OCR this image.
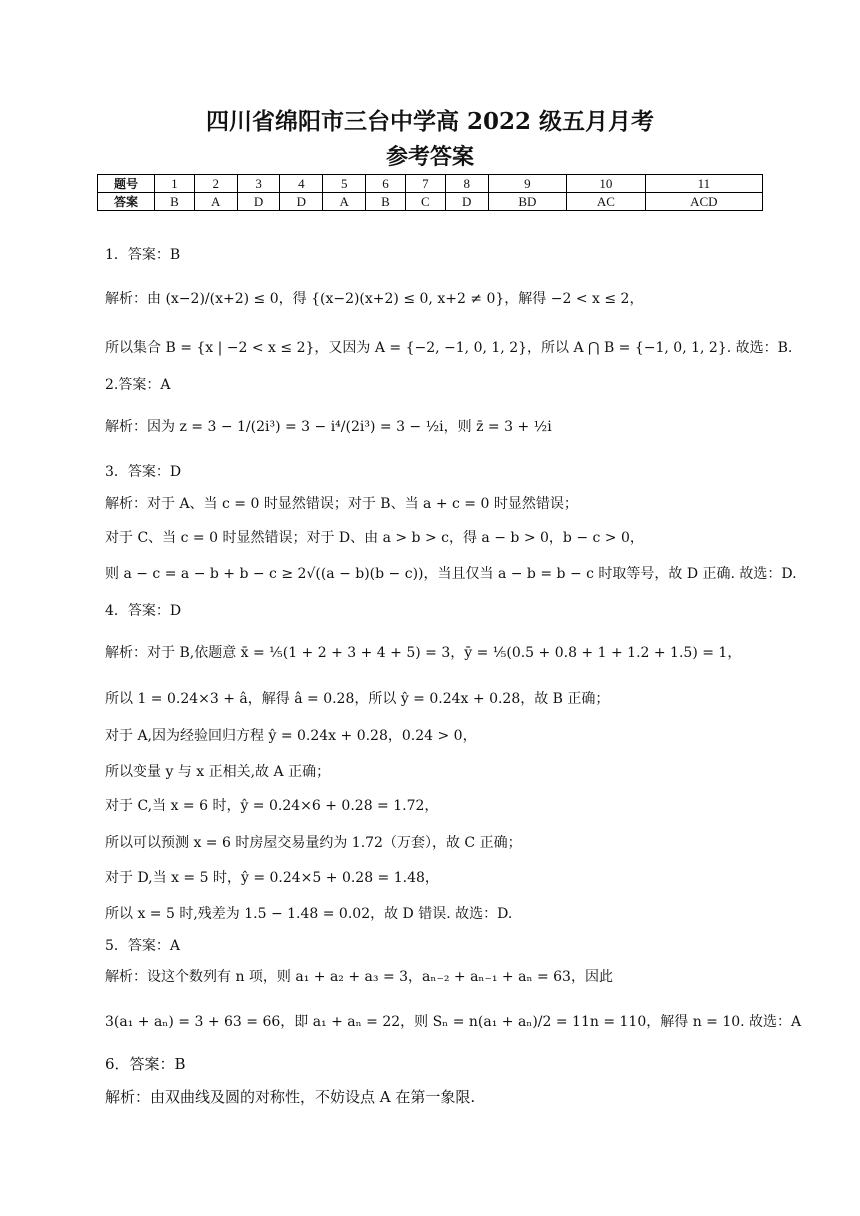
四川省绵阳市三台中学高 2022 级五月月考
参考答案
题号	1	2	3	4	5	6	7	8	9	10	11
答案	B	A	D	D	A	B	C	D	BD	AC	ACD
1．答案：B
解析：由 (x−2)/(x+2) ≤ 0，得 {(x−2)(x+2) ≤ 0, x+2 ≠ 0}，解得 −2 < x ≤ 2，
所以集合 B = {x | −2 < x ≤ 2}，又因为 A = {−2, −1, 0, 1, 2}，所以 A ⋂ B = {−1, 0, 1, 2}. 故选：B.
2.答案：A
解析：因为 z = 3 − 1/(2i³) = 3 − i⁴/(2i³) = 3 − ½i，则 z̄ = 3 + ½i
3．答案：D
解析：对于 A、当 c = 0 时显然错误；对于 B、当 a + c = 0 时显然错误；
对于 C、当 c = 0 时显然错误；对于 D、由 a > b > c，得 a − b > 0，b − c > 0，
则 a − c = a − b + b − c ≥ 2√((a − b)(b − c))，当且仅当 a − b = b − c 时取等号，故 D 正确. 故选：D.
4．答案：D
解析：对于 B,依题意 x̄ = ⅕(1 + 2 + 3 + 4 + 5) = 3，ȳ = ⅕(0.5 + 0.8 + 1 + 1.2 + 1.5) = 1，
所以 1 = 0.24×3 + â，解得 â = 0.28，所以 ŷ = 0.24x + 0.28，故 B 正确；
对于 A,因为经验回归方程 ŷ = 0.24x + 0.28，0.24 > 0，
所以变量 y 与 x 正相关,故 A 正确；
对于 C,当 x = 6 时，ŷ = 0.24×6 + 0.28 = 1.72，
所以可以预测 x = 6 时房屋交易量约为 1.72（万套），故 C 正确；
对于 D,当 x = 5 时，ŷ = 0.24×5 + 0.28 = 1.48，
所以 x = 5 时,残差为 1.5 − 1.48 = 0.02，故 D 错误. 故选：D.
5．答案：A
解析：设这个数列有 n 项，则 a₁ + a₂ + a₃ = 3，aₙ₋₂ + aₙ₋₁ + aₙ = 63，因此
3(a₁ + aₙ) = 3 + 63 = 66，即 a₁ + aₙ = 22，则 Sₙ = n(a₁ + aₙ)/2 = 11n = 110，解得 n = 10. 故选：A
6．答案：B
解析：由双曲线及圆的对称性，不妨设点 A 在第一象限.
